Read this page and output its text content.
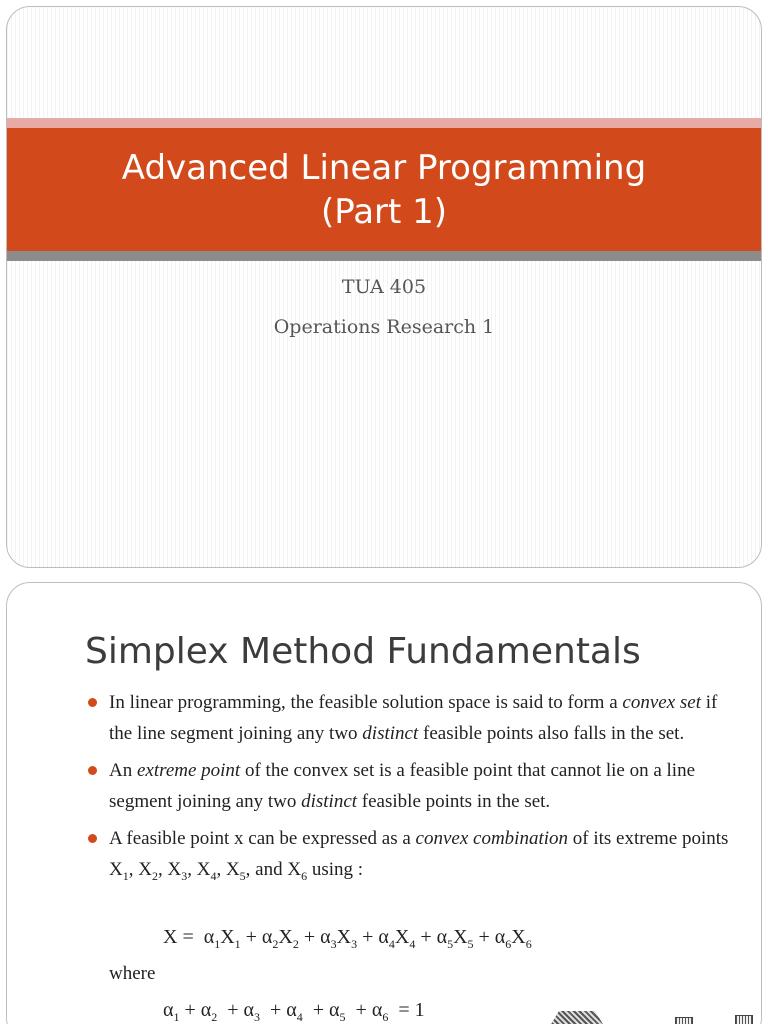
Advanced Linear Programming
(Part 1)
TUA 405
Operations Research 1
Simplex Method Fundamentals
In linear programming, the feasible solution space is said to form a convex set if the line segment joining any two distinct feasible points also falls in the set.
An extreme point of the convex set is a feasible point that cannot lie on a line segment joining any two distinct feasible points in the set.
A feasible point x can be expressed as a convex combination of its extreme points $X_1$, $X_2$, $X_3$, $X_4$, $X_5$, and $X_6$ using :
$X = \alpha_1X_1 + \alpha_2X_2 + \alpha_3X_3 + \alpha_4X_4 + \alpha_5X_5 + \alpha_6X_6$
where
$\alpha_1 + \alpha_2 + \alpha_3 + \alpha_4 + \alpha_5 + \alpha_6 = 1$
